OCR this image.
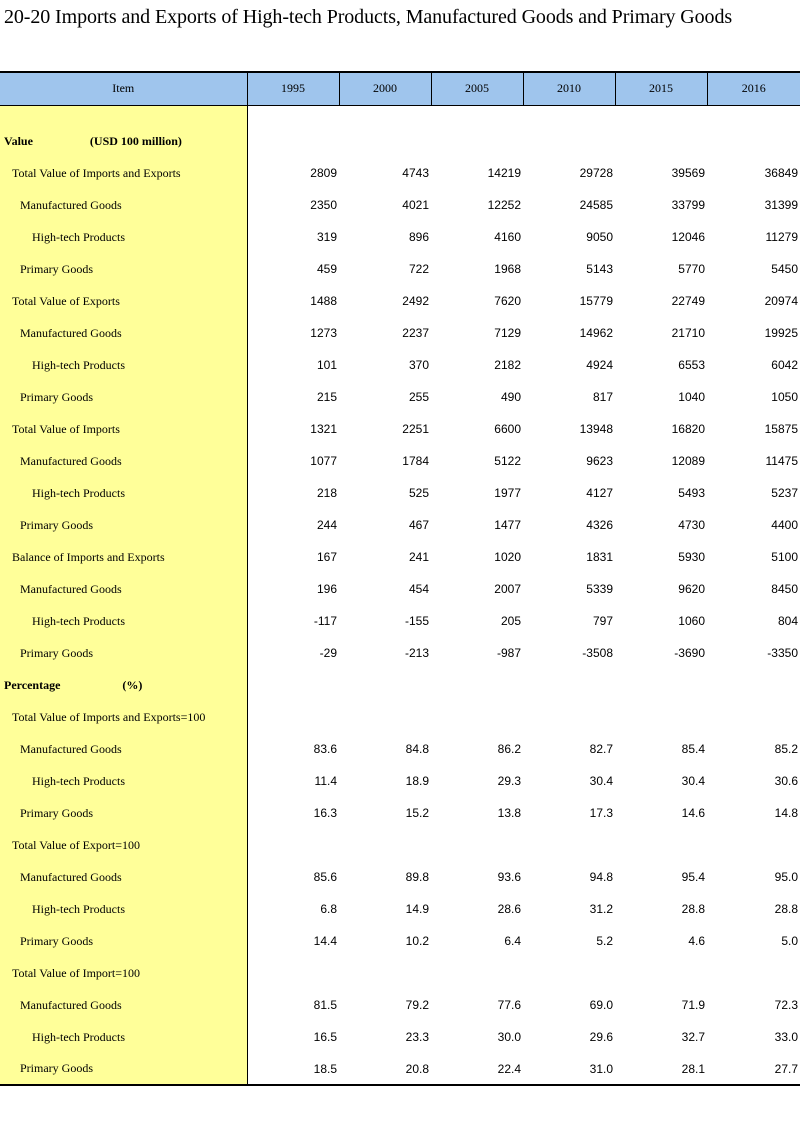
20-20 Imports and Exports of High-tech Products, Manufactured Goods and Primary Goods
Item	1995	2000	2005	2010	2015	2016

Value (USD 100 million)						
Total Value of Imports and Exports	2809	4743	14219	29728	39569	36849
Manufactured Goods	2350	4021	12252	24585	33799	31399
High-tech Products	319	896	4160	9050	12046	11279
Primary Goods	459	722	1968	5143	5770	5450
Total Value of Exports	1488	2492	7620	15779	22749	20974
Manufactured Goods	1273	2237	7129	14962	21710	19925
High-tech Products	101	370	2182	4924	6553	6042
Primary Goods	215	255	490	817	1040	1050
Total Value of Imports	1321	2251	6600	13948	16820	15875
Manufactured Goods	1077	1784	5122	9623	12089	11475
High-tech Products	218	525	1977	4127	5493	5237
Primary Goods	244	467	1477	4326	4730	4400
Balance of Imports and Exports	167	241	1020	1831	5930	5100
Manufactured Goods	196	454	2007	5339	9620	8450
High-tech Products	-117	-155	205	797	1060	804
Primary Goods	-29	-213	-987	-3508	-3690	-3350
Percentage (%)						
Total Value of Imports and Exports=100						
Manufactured Goods	83.6	84.8	86.2	82.7	85.4	85.2
High-tech Products	11.4	18.9	29.3	30.4	30.4	30.6
Primary Goods	16.3	15.2	13.8	17.3	14.6	14.8
Total Value of Export=100						
Manufactured Goods	85.6	89.8	93.6	94.8	95.4	95.0
High-tech Products	6.8	14.9	28.6	31.2	28.8	28.8
Primary Goods	14.4	10.2	6.4	5.2	4.6	5.0
Total Value of Import=100						
Manufactured Goods	81.5	79.2	77.6	69.0	71.9	72.3
High-tech Products	16.5	23.3	30.0	29.6	32.7	33.0
Primary Goods	18.5	20.8	22.4	31.0	28.1	27.7
